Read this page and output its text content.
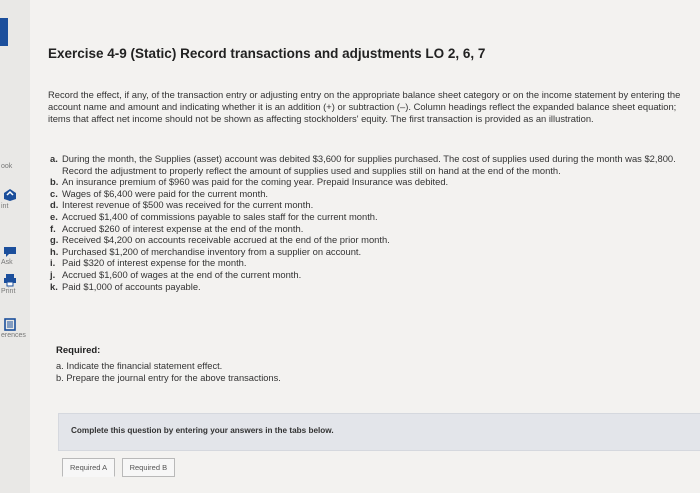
ook
int
Ask
Print
erences
Exercise 4-9 (Static) Record transactions and adjustments LO 2, 6, 7

Record the effect, if any, of the transaction entry or adjusting entry on the appropriate balance sheet category or on the income statement by entering the account name and amount and indicating whether it is an addition (+) or subtraction (–). Column headings reflect the expanded balance sheet equation; items that affect net income should not be shown as affecting stockholders' equity. The first transaction is provided as an illustration.

a. During the month, the Supplies (asset) account was debited $3,600 for supplies purchased. The cost of supplies used during the month was $2,800. Record the adjustment to properly reflect the amount of supplies used and supplies still on hand at the end of the month.
b. An insurance premium of $960 was paid for the coming year. Prepaid Insurance was debited.
c. Wages of $6,400 were paid for the current month.
d. Interest revenue of $500 was received for the current month.
e. Accrued $1,400 of commissions payable to sales staff for the current month.
f. Accrued $260 of interest expense at the end of the month.
g. Received $4,200 on accounts receivable accrued at the end of the prior month.
h. Purchased $1,200 of merchandise inventory from a supplier on account.
i. Paid $320 of interest expense for the month.
j. Accrued $1,600 of wages at the end of the current month.
k. Paid $1,000 of accounts payable.

Required:

a. Indicate the financial statement effect.
b. Prepare the journal entry for the above transactions.
Complete this question by entering your answers in the tabs below.
Required A	Required B
